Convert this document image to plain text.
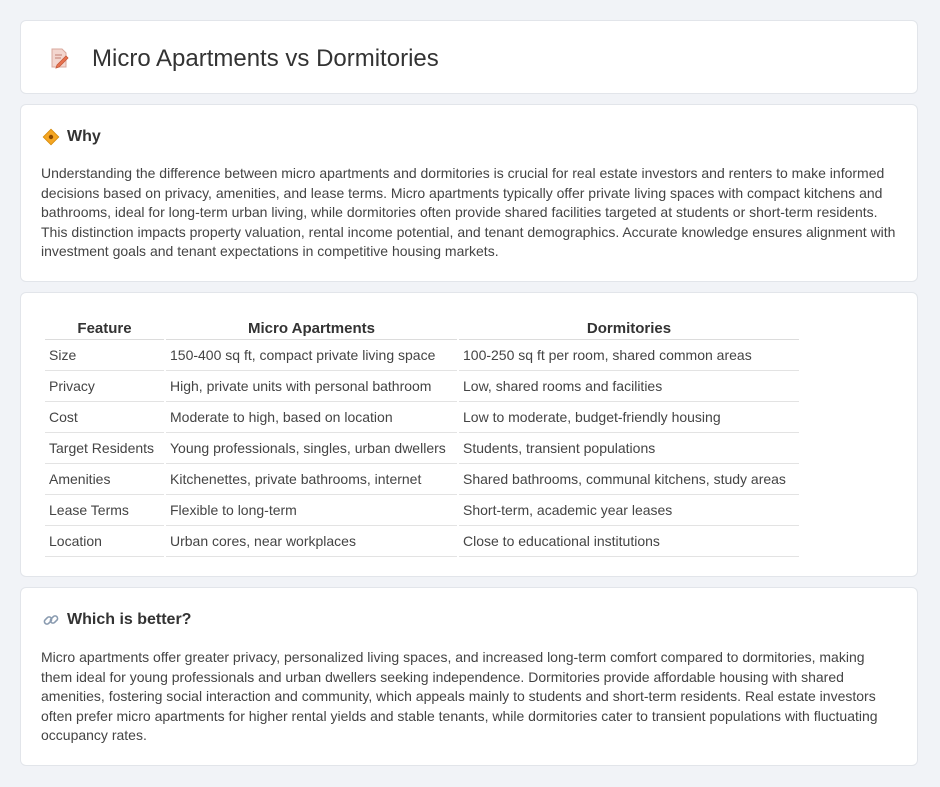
Micro Apartments vs Dormitories
Why

Understanding the difference between micro apartments and dormitories is crucial for real estate investors and renters to make informed decisions based on privacy, amenities, and lease terms. Micro apartments typically offer private living spaces with compact kitchens and bathrooms, ideal for long-term urban living, while dormitories often provide shared facilities targeted at students or short-term residents. This distinction impacts property valuation, rental income potential, and tenant demographics. Accurate knowledge ensures alignment with investment goals and tenant expectations in competitive housing markets.

Feature	Micro Apartments	Dormitories
Size	150-400 sq ft, compact private living space	100-250 sq ft per room, shared common areas
Privacy	High, private units with personal bathroom	Low, shared rooms and facilities
Cost	Moderate to high, based on location	Low to moderate, budget-friendly housing
Target Residents	Young professionals, singles, urban dwellers	Students, transient populations
Amenities	Kitchenettes, private bathrooms, internet	Shared bathrooms, communal kitchens, study areas
Lease Terms	Flexible to long-term	Short-term, academic year leases
Location	Urban cores, near workplaces	Close to educational institutions
Which is better?

Micro apartments offer greater privacy, personalized living spaces, and increased long-term comfort compared to dormitories, making them ideal for young professionals and urban dwellers seeking independence. Dormitories provide affordable housing with shared amenities, fostering social interaction and community, which appeals mainly to students and short-term residents. Real estate investors often prefer micro apartments for higher rental yields and stable tenants, while dormitories cater to transient populations with fluctuating occupancy rates.
